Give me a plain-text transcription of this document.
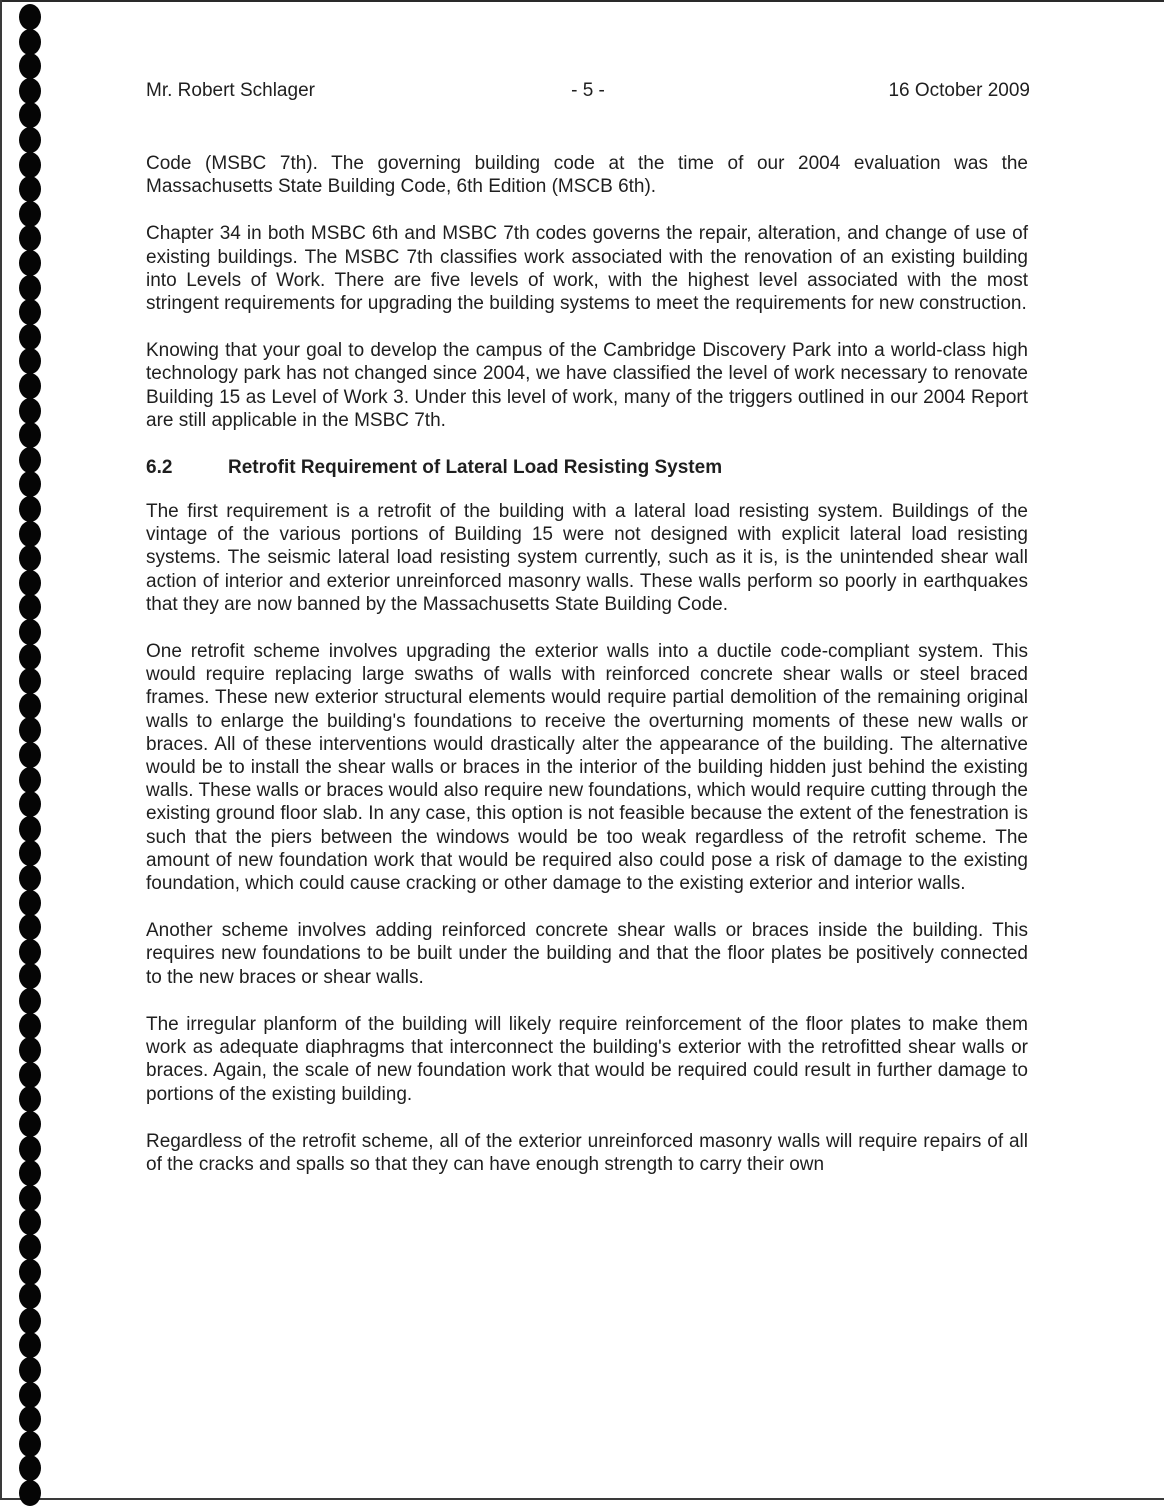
Mr. Robert Schlager	- 5 -	16 October 2009

Code (MSBC 7th). The governing building code at the time of our 2004 evaluation was the Massachusetts State Building Code, 6th Edition (MSCB 6th).

Chapter 34 in both MSBC 6th and MSBC 7th codes governs the repair, alteration, and change of use of existing buildings. The MSBC 7th classifies work associated with the renovation of an existing building into Levels of Work. There are five levels of work, with the highest level associated with the most stringent requirements for upgrading the building systems to meet the requirements for new construction.

Knowing that your goal to develop the campus of the Cambridge Discovery Park into a world-class high technology park has not changed since 2004, we have classified the level of work necessary to renovate Building 15 as Level of Work 3. Under this level of work, many of the triggers outlined in our 2004 Report are still applicable in the MSBC 7th.

6.2	Retrofit Requirement of Lateral Load Resisting System

The first requirement is a retrofit of the building with a lateral load resisting system. Buildings of the vintage of the various portions of Building 15 were not designed with explicit lateral load resisting systems. The seismic lateral load resisting system currently, such as it is, is the unintended shear wall action of interior and exterior unreinforced masonry walls. These walls perform so poorly in earthquakes that they are now banned by the Massachusetts State Building Code.

One retrofit scheme involves upgrading the exterior walls into a ductile code-compliant system. This would require replacing large swaths of walls with reinforced concrete shear walls or steel braced frames. These new exterior structural elements would require partial demolition of the remaining original walls to enlarge the building's foundations to receive the overturning moments of these new walls or braces. All of these interventions would drastically alter the appearance of the building. The alternative would be to install the shear walls or braces in the interior of the building hidden just behind the existing walls. These walls or braces would also require new foundations, which would require cutting through the existing ground floor slab. In any case, this option is not feasible because the extent of the fenestration is such that the piers between the windows would be too weak regardless of the retrofit scheme. The amount of new foundation work that would be required also could pose a risk of damage to the existing foundation, which could cause cracking or other damage to the existing exterior and interior walls.

Another scheme involves adding reinforced concrete shear walls or braces inside the building. This requires new foundations to be built under the building and that the floor plates be positively connected to the new braces or shear walls.

The irregular planform of the building will likely require reinforcement of the floor plates to make them work as adequate diaphragms that interconnect the building's exterior with the retrofitted shear walls or braces. Again, the scale of new foundation work that would be required could result in further damage to portions of the existing building.

Regardless of the retrofit scheme, all of the exterior unreinforced masonry walls will require repairs of all of the cracks and spalls so that they can have enough strength to carry their own
